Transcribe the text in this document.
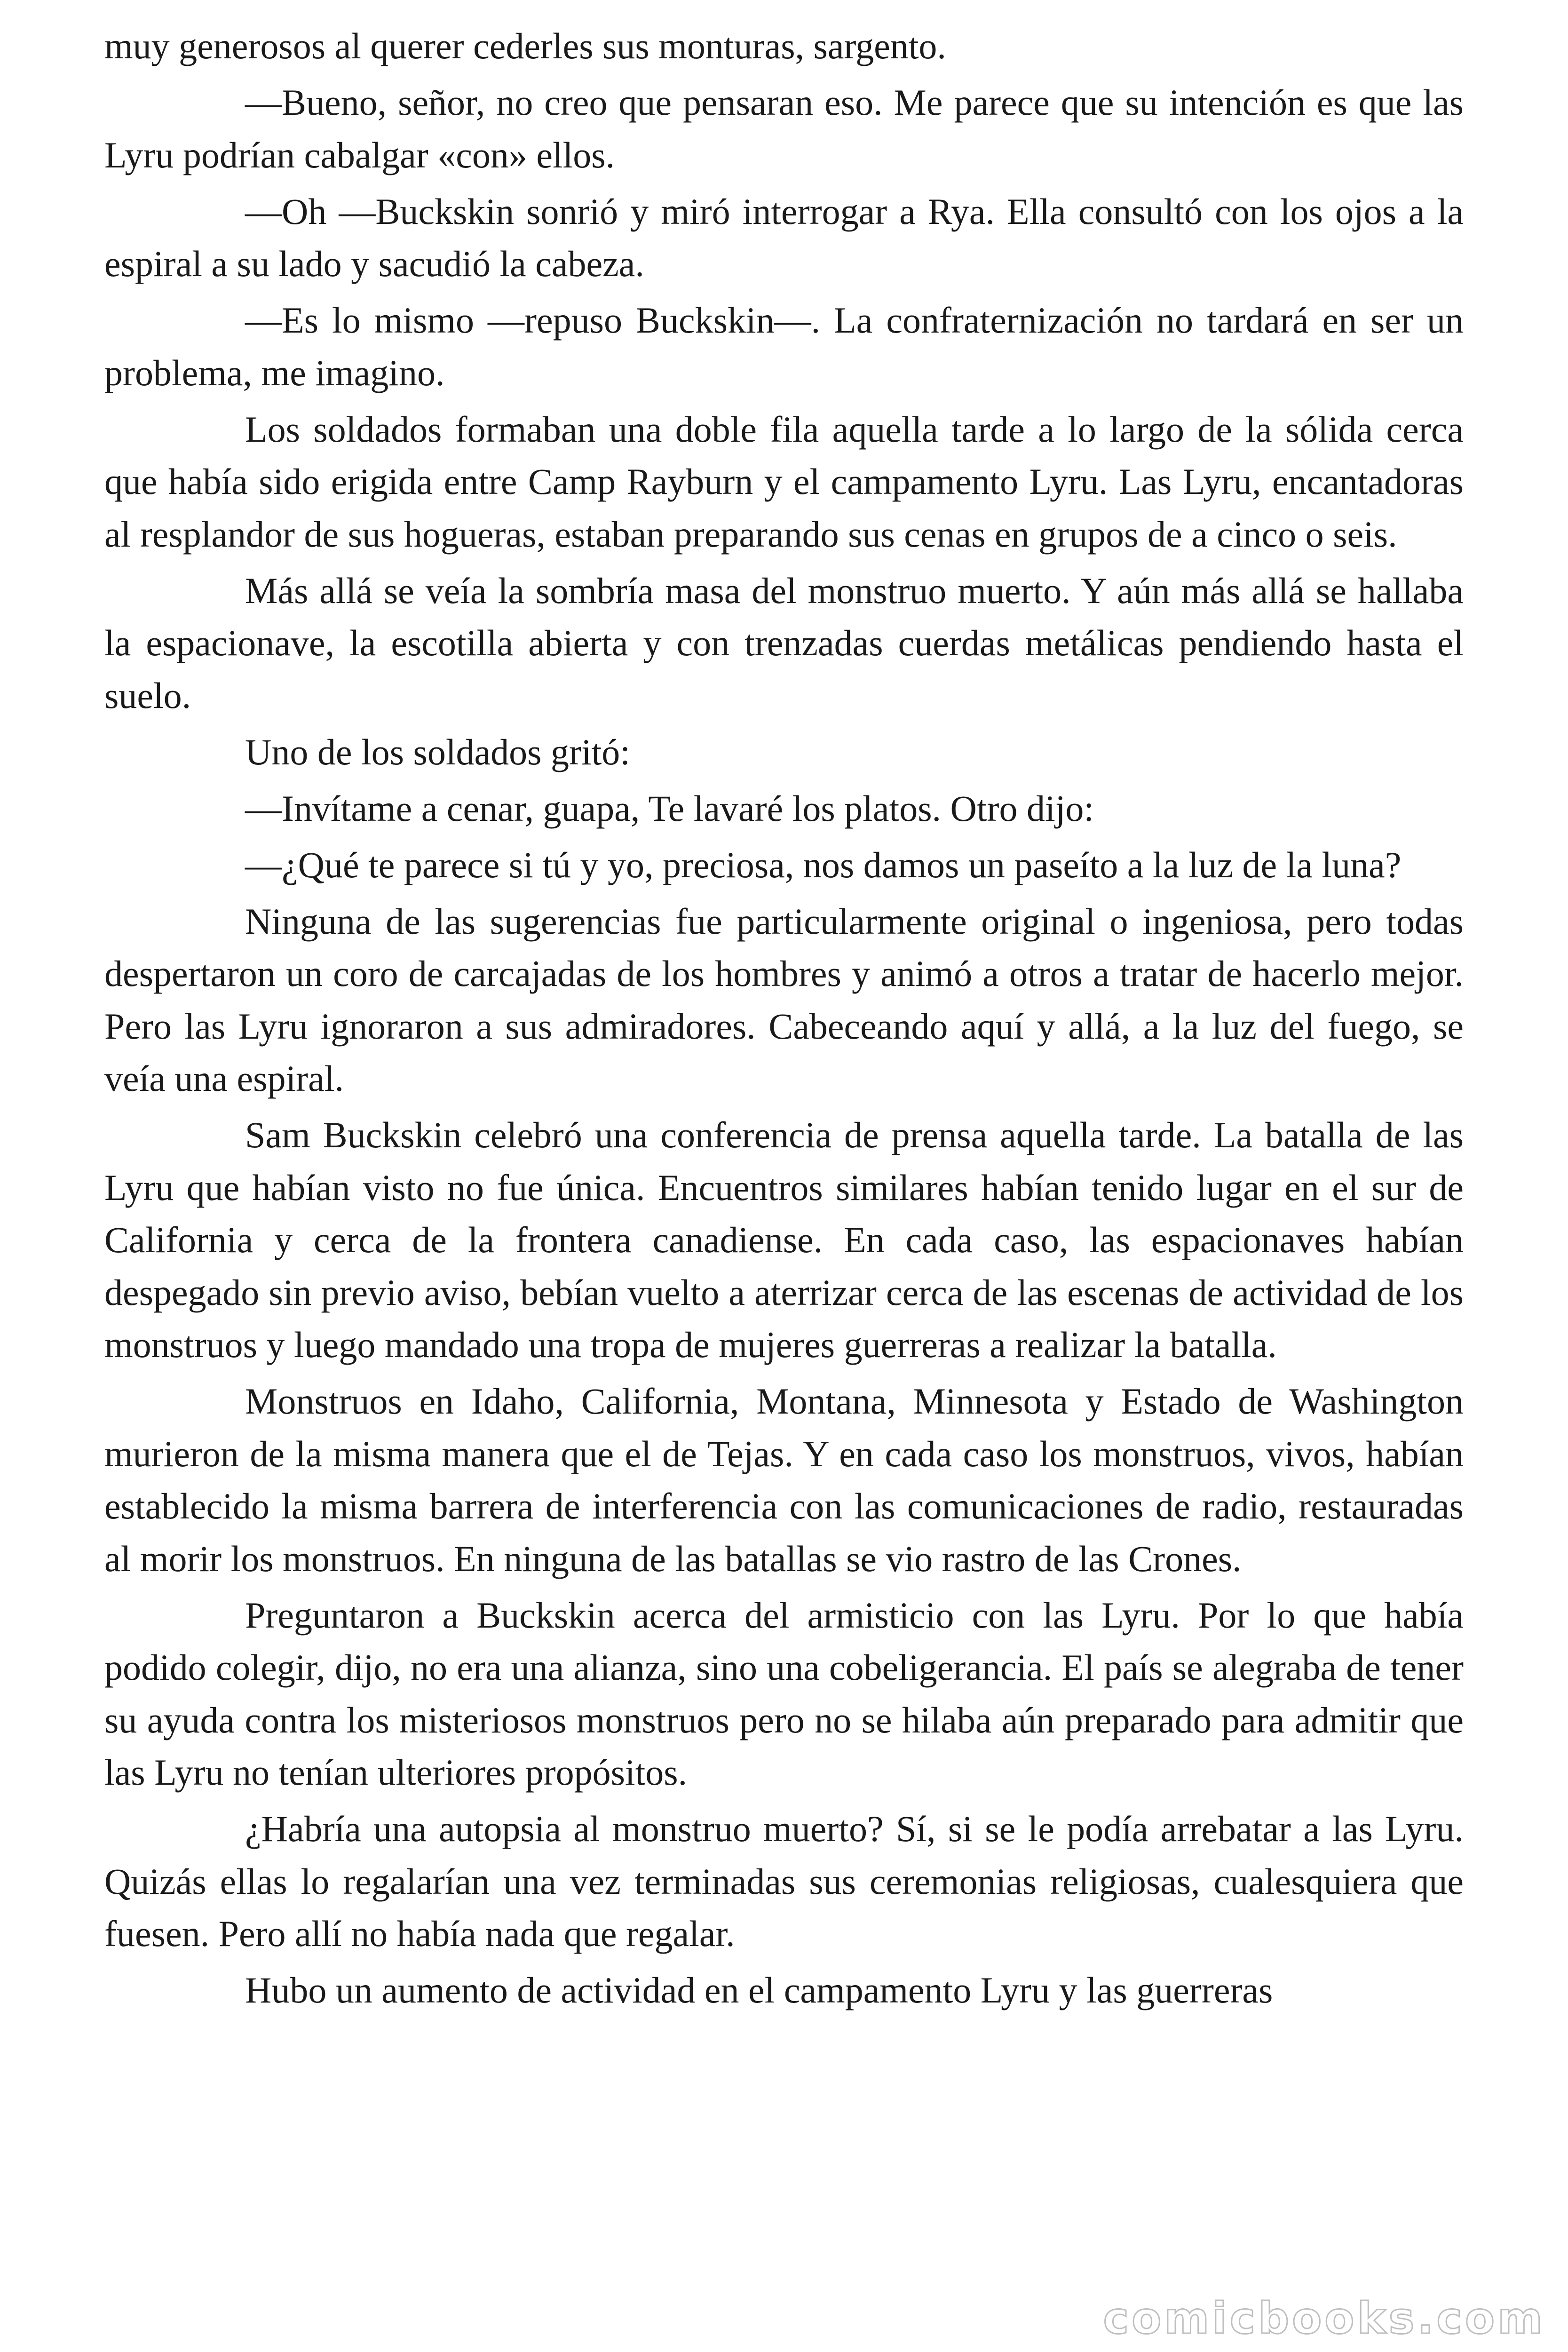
muy generosos al querer cederles sus monturas, sargento.

—Bueno, señor, no creo que pensaran eso. Me parece que su intención es que las Lyru podrían cabalgar «con» ellos.

—Oh —Buckskin sonrió y miró interrogar a Rya. Ella consultó con los ojos a la espiral a su lado y sacudió la cabeza.

—Es lo mismo —repuso Buckskin—. La confraternización no tardará en ser un problema, me imagino.

Los soldados formaban una doble fila aquella tarde a lo largo de la sólida cerca que había sido erigida entre Camp Rayburn y el campamento Lyru. Las Lyru, encantadoras al resplandor de sus hogueras, estaban preparando sus cenas en grupos de a cinco o seis.

Más allá se veía la sombría masa del monstruo muerto. Y aún más allá se hallaba la espacionave, la escotilla abierta y con trenzadas cuerdas metálicas pendiendo hasta el suelo.

Uno de los soldados gritó:

—Invítame a cenar, guapa, Te lavaré los platos. Otro dijo:

—¿Qué te parece si tú y yo, preciosa, nos damos un paseíto a la luz de la luna?

Ninguna de las sugerencias fue particularmente original o ingeniosa, pero todas despertaron un coro de carcajadas de los hombres y animó a otros a tratar de hacerlo mejor. Pero las Lyru ignoraron a sus admiradores. Cabeceando aquí y allá, a la luz del fuego, se veía una espiral.

Sam Buckskin celebró una conferencia de prensa aquella tarde. La batalla de las Lyru que habían visto no fue única. Encuentros similares habían tenido lugar en el sur de California y cerca de la frontera canadiense. En cada caso, las espacionaves habían despegado sin previo aviso, bebían vuelto a aterrizar cerca de las escenas de actividad de los monstruos y luego mandado una tropa de mujeres guerreras a realizar la batalla.

Monstruos en Idaho, California, Montana, Minnesota y Estado de Washington murieron de la misma manera que el de Tejas. Y en cada caso los monstruos, vivos, habían establecido la misma barrera de interferencia con las comunicaciones de radio, restauradas al morir los monstruos. En ninguna de las batallas se vio rastro de las Crones.

Preguntaron a Buckskin acerca del armisticio con las Lyru. Por lo que había podido colegir, dijo, no era una alianza, sino una cobeligerancia. El país se alegraba de tener su ayuda contra los misteriosos monstruos pero no se hilaba aún preparado para admitir que las Lyru no tenían ulteriores propósitos.

¿Habría una autopsia al monstruo muerto? Sí, si se le podía arrebatar a las Lyru. Quizás ellas lo regalarían una vez terminadas sus ceremonias religiosas, cualesquiera que fuesen. Pero allí no había nada que regalar.

Hubo un aumento de actividad en el campamento Lyru y las guerreras

comicbooks.com
